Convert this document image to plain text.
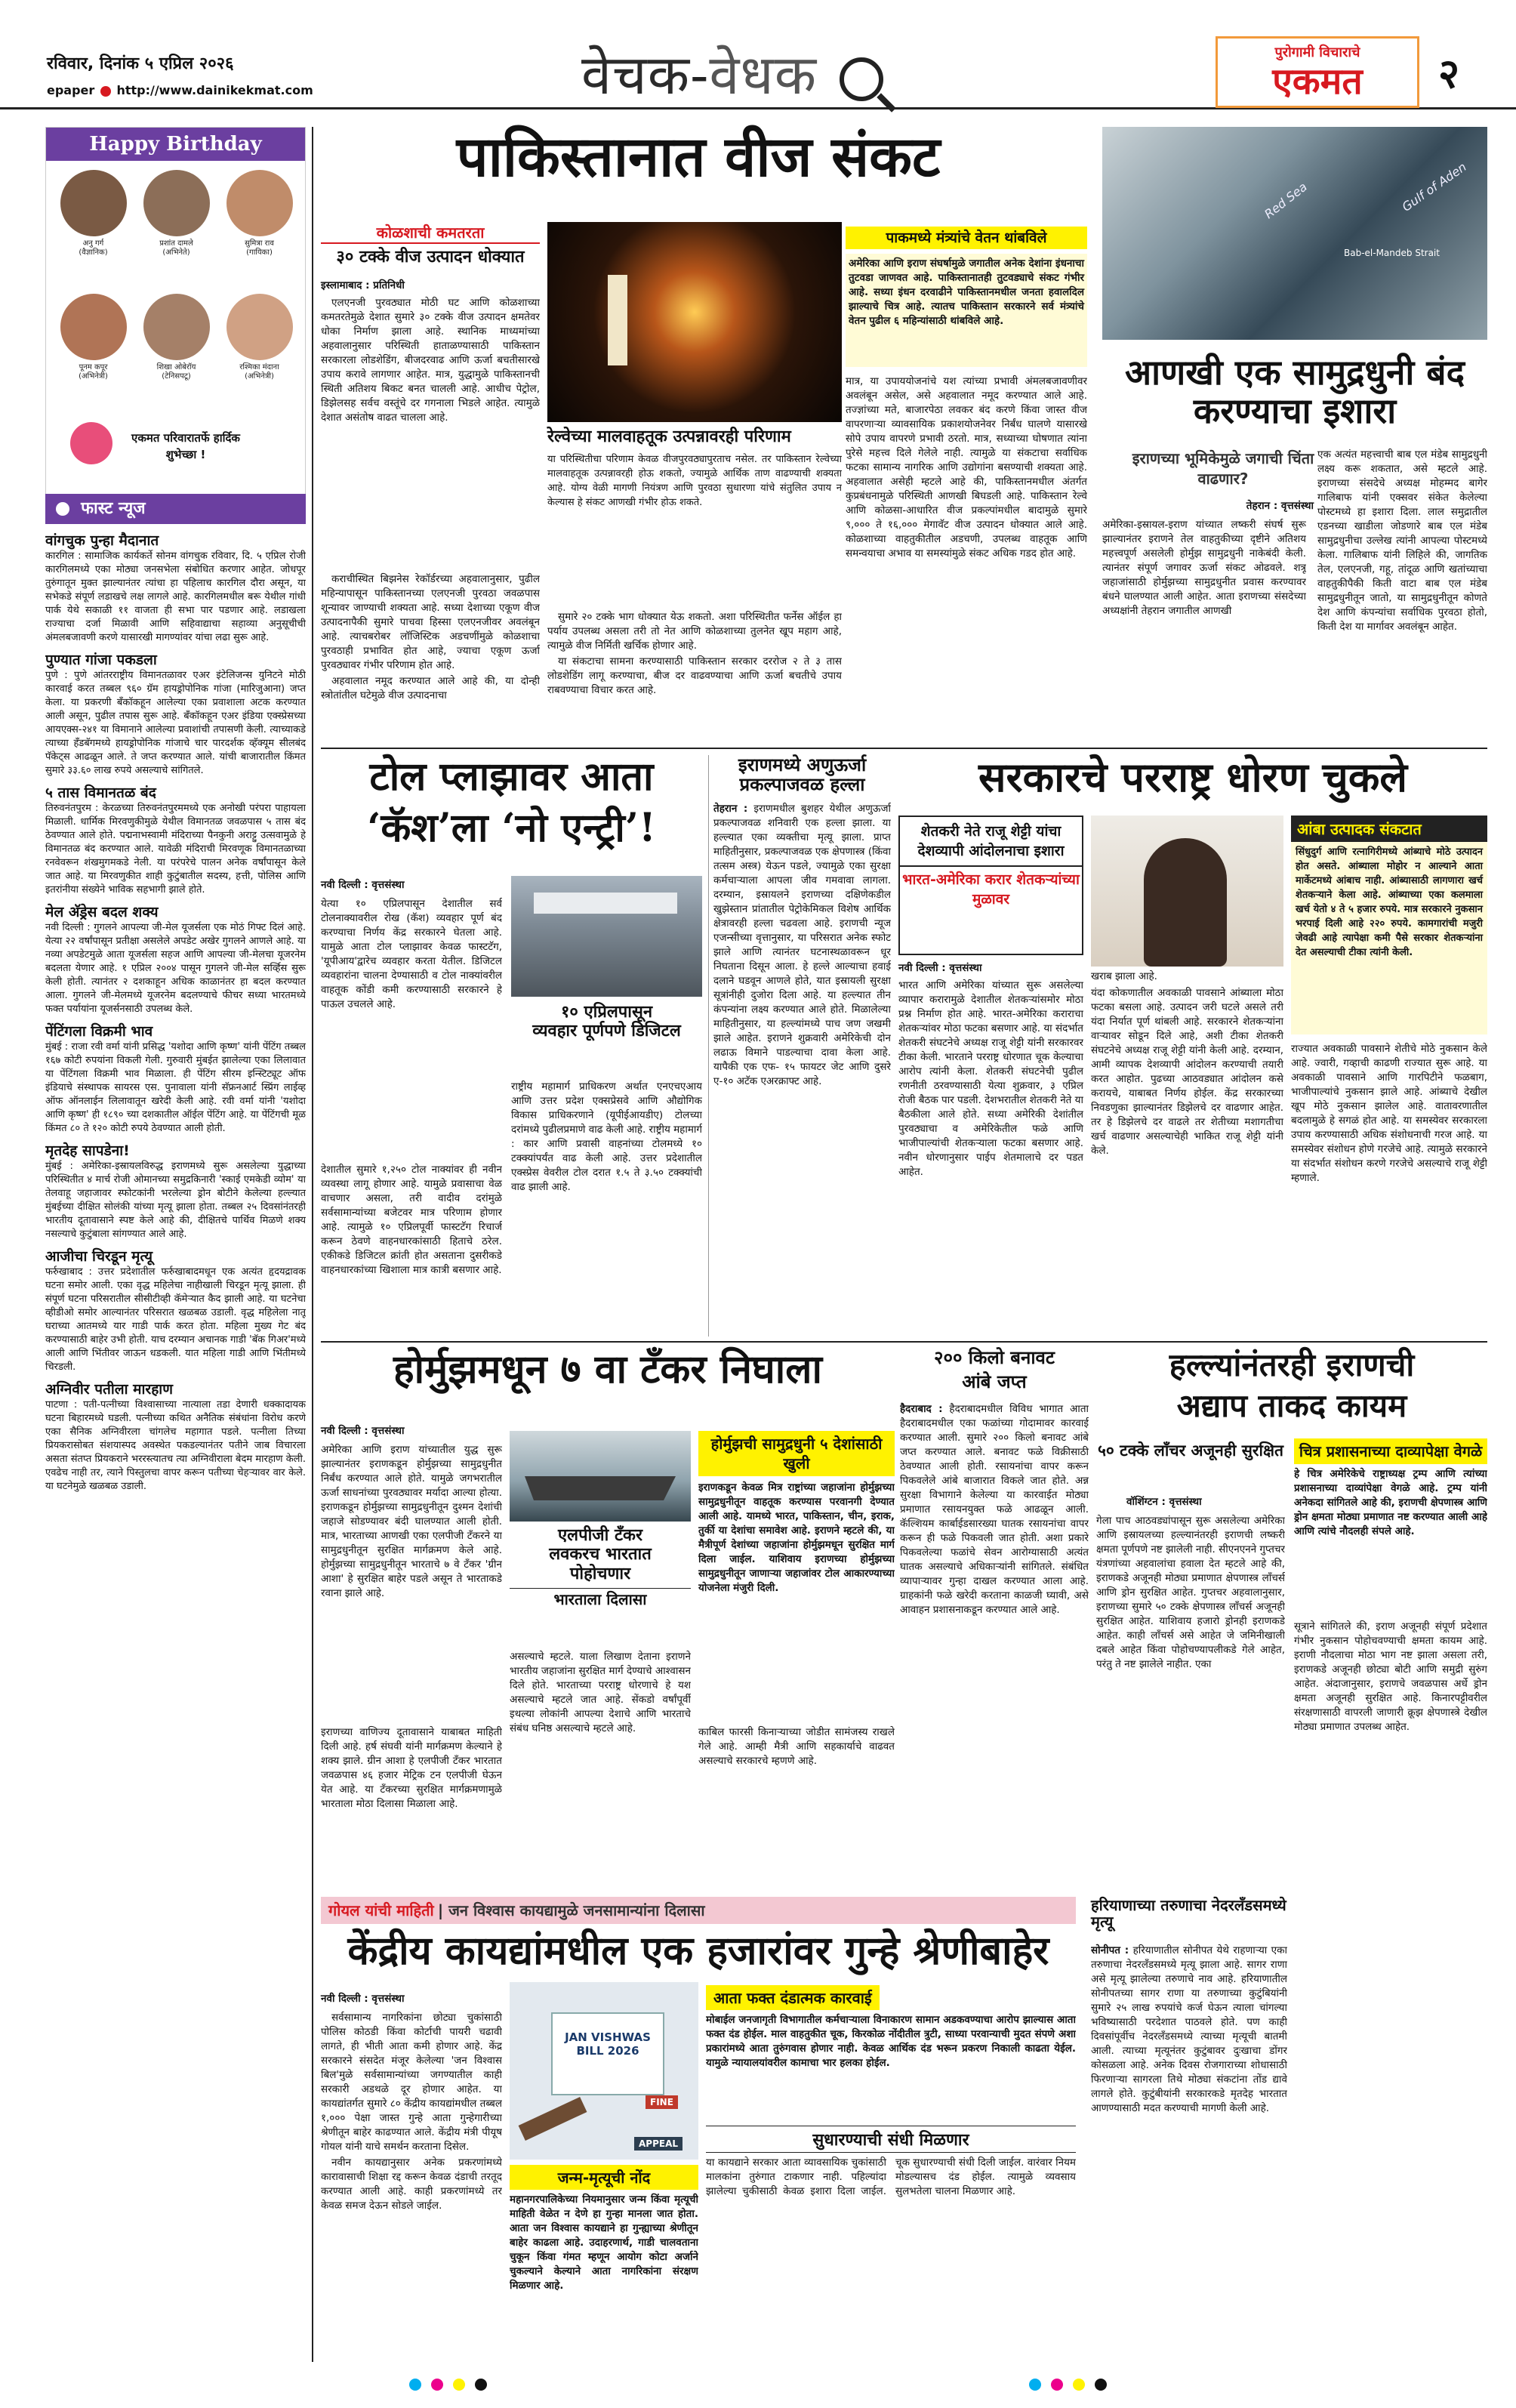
रविवार, दिनांक ५ एप्रिल २०२६
epaper http://www.dainikekmat.com	वेचक-वेधक	पुरोगामी विचाराचे
एकमत	२
Happy Birthday
अनु गर्ग
(वैज्ञानिक)
प्रशांत दामले
(अभिनेते)
सुमित्रा राव
(गायिका)
पूनम कपूर
(अभिनेत्री)
शिखा ओबेरॉय
(टेनिसपटू)
रश्मिका मंदाना
(अभिनेत्री)
एकमत परिवारातर्फे हार्दिक शुभेच्छा !
फास्ट न्यूज

वांगचुक पुन्हा मैदानात

कारगिल : सामाजिक कार्यकर्ते सोनम वांगचुक रविवार, दि. ५ एप्रिल रोजी कारगिलमध्ये एका मोठ्या जनसभेला संबोधित करणार आहेत. जोधपूर तुरुंगातून मुक्त झाल्यानंतर त्यांचा हा पहिलाच कारगिल दौरा असून, या सभेकडे संपूर्ण लडाखचे लक्ष लागले आहे. कारगिलमधील बरू येथील गांधी पार्क येथे सकाळी ११ वाजता ही सभा पार पडणार आहे. लडाखला राज्याचा दर्जा मिळावी आणि सहिवाद्याचा सहाव्या अनुसूचीची अंमलबजावणी करणे यासारखी मागण्यांवर यांचा लढा सुरू आहे.

पुण्यात गांजा पकडला

पुणे : पुणे आंतरराष्ट्रीय विमानतळावर एअर इंटेलिजन्स युनिटने मोठी कारवाई करत तब्बल ९६० ग्रॅम हायड्रोपोनिक गांजा (मारिजुआना) जप्त केला. या प्रकरणी बँकॉकहून आलेल्या एका प्रवाशाला अटक करण्यात आली असून, पुढील तपास सुरू आहे. बँकॉकहून एअर इंडिया एक्स्प्रेसच्या आयएक्स-२४१ या विमानाने आलेल्या प्रवाशांची तपासणी केली. त्याच्याकडे त्याच्या हँडबॅगमध्ये हायड्रोपोनिक गांजाचे चार पारदर्शक व्हॅक्यूम सीलबंद पॅकेट्स आढळून आले. ते जप्त करण्यात आले. यांची बाजारातील किंमत सुमारे ३३.६० लाख रुपये असल्याचे सांगितले.

५ तास विमानतळ बंद

तिरुवनंतपुरम : केरळच्या तिरुवनंतपुरममध्ये एक अनोखी परंपरा पाहायला मिळाली. धार्मिक मिरवणुकीमुळे येथील विमानतळ जवळपास ५ तास बंद ठेवण्यात आले होते. पद्मनाभस्वामी मंदिराच्या पैनकुनी अराट्टु उत्सवामुळे हे विमानतळ बंद करण्यात आले. यावेळी मंदिराची मिरवणूक विमानतळाच्या रनवेवरून शंखमुगमकडे नेली. या परंपरेचे पालन अनेक वर्षांपासून केले जात आहे. या मिरवणुकीत शाही कुटुंबातील सदस्य, हत्ती, पोलिस आणि इतरांनीया संख्येने भाविक सहभागी झाले होते.

मेल अ‍ॅड्रेस बदल शक्य

नवी दिल्ली : गुगलने आपल्या जी-मेल यूजर्सला एक मोठं गिफ्ट दिलं आहे. येत्या २२ वर्षांपासून प्रतीक्षा असलेले अपडेट अखेर गुगलने आणले आहे. या नव्या अपडेटमुळे आता यूजर्सला सहज आणि आपल्या जी-मेलचा यूजरनेम बदलता येणार आहे. १ एप्रिल २००४ पासून गुगलने जी-मेल सर्व्हिस सुरू केली होती. त्यानंतर २ दशकाहून अधिक काळानंतर हा बदल करण्यात आला. गुगलने जी-मेलमध्ये यूजरनेम बदलण्याचे फीचर सध्या भारतमध्ये फक्त पर्यायांना यूजर्सनसाठी उपलब्ध केले.

पेंटिंगला विक्रमी भाव

मुंबई : राजा रवी वर्मा यांनी प्रसिद्ध 'यशोदा आणि कृष्ण' यांनी पेंटिंग तब्बल १६७ कोटी रुपयांना विकली गेली. गुरुवारी मुंबईत झालेल्या एका लिलावात या पेंटिंगला विक्रमी भाव मिळाला. ही पेंटिंग सीरम इन्स्टिट्यूट ऑफ इंडियाचे संस्थापक सायरस एस. पुनावाला यांनी सॅफ्रनआर्ट स्प्रिंग लाईव्ह ऑफ ऑनलाईन लिलावातून खरेदी केली आहे. रवी वर्मा यांनी 'यशोदा आणि कृष्ण' ही १८९० च्या दशकातील ऑईल पेंटिंग आहे. या पेंटिंगची मूळ किंमत ८० ते १२० कोटी रुपये ठेवण्यात आली होती.

मृतदेह सापडेना!

मुंबई : अमेरिका-इस्रायलविरुद्ध इराणमध्ये सुरू असलेल्या युद्धाच्या परिस्थितीत ४ मार्च रोजी ओमानच्या समुद्रकिनारी 'स्काई एमकेडी व्योम' या तेलवाहू जहाजावर स्फोटकांनी भरलेल्या ड्रोन बोटीने केलेल्या हल्ल्यात मुंबईच्या दीक्षित सोलंकी यांच्या मृत्यू झाला होता. तब्बल २५ दिवसांनंतरही भारतीय दूतावासाने स्पष्ट केले आहे की, दीक्षितचे पार्थिव मिळणे शक्य नसल्याचे कुटुंबाला सांगण्यात आले आहे.

आजीचा चिरडून मृत्यू

फर्रुखाबाद : उत्तर प्रदेशातील फर्रुखाबादमधून एक अत्यंत हृदयद्रावक घटना समोर आली. एका वृद्ध महिलेचा नाहीखाली चिरडून मृत्यू झाला. ही संपूर्ण घटना परिसरातील सीसीटीव्ही कॅमेऱ्यात कैद झाली आहे. या घटनेचा व्हीडीओ समोर आल्यानंतर परिसरात खळबळ उडाली. वृद्ध महिलेला नातू घराच्या आतमध्ये यार गाडी पार्क करत होता. महिला मुख्य गेट बंद करण्यासाठी बाहेर उभी होती. याच दरम्यान अचानक गाडी 'बॅक गिअर'मध्ये आली आणि भिंतीवर जाऊन धडकली. यात महिला गाडी आणि भिंतीमध्ये चिरडली.

अग्निवीर पतीला मारहाण

पाटणा : पती-पत्नीच्या विश्वासाच्या नात्याला तडा देणारी धक्कादायक घटना बिहारमध्ये घडली. पत्नीच्या कथित अनैतिक संबंधांना विरोध करणे एका सैनिक अग्निवीरला चांगलेच महागात पडले. पत्नीला तिच्या प्रियकरासोबत संशयास्पद अवस्थेत पकडल्यानंतर पतीने जाब विचारला असता संतप्त प्रियकराने भररस्त्यातच त्या अग्निवीराला बेदम मारहाण केली. एवढेच नाही तर, त्याने पिस्तुलचा वापर करून पतीच्या चेहऱ्यावर वार केले. या घटनेमुळे खळबळ उडाली.

पाकिस्तानात वीज संकट
कोळशाची कमतरता
३० टक्के वीज उत्पादन धोक्यात
इस्लामाबाद : प्रतिनिधी

एलएनजी पुरवठ्यात मोठी घट आणि कोळशाच्या कमतरतेमुळे देशात सुमारे ३० टक्के वीज उत्पादन क्षमतेवर धोका निर्माण झाला आहे. स्थानिक माध्यमांच्या अहवालानुसार परिस्थिती हाताळण्यासाठी पाकिस्तान सरकारला लोडशेडिंग, बीजदरवाढ आणि ऊर्जा बचतीसारखे उपाय करावे लागणार आहेत. मात्र, युद्धामुळे पाकिस्तानची स्थिती अतिशय बिकट बनत चालली आहे. आधीच पेट्रोल, डिझेलसह सर्वच वस्तूंचे दर गगनाला भिडले आहेत. त्यामुळे देशात असंतोष वाढत चालला आहे.

रेल्वेच्या मालवाहतूक उत्पन्नावरही परिणाम
या परिस्थितीचा परिणाम केवळ वीजपुरवठ्यापुरताच नसेल. तर पाकिस्तान रेल्वेच्या मालवाहतूक उत्पन्नावरही होऊ शकतो, ज्यामुळे आर्थिक ताण वाढण्याची शक्यता आहे. योग्य वेळी मागणी नियंत्रण आणि पुरवठा सुधारणा यांचे संतुलित उपाय न केल्यास हे संकट आणखी गंभीर होऊ शकते.

कराचीस्थित बिझनेस रेकॉर्डरच्या अहवालानुसार, पुढील महिन्यापासून पाकिस्तानच्या एलएनजी पुरवठा जवळपास शून्यावर जाण्याची शक्यता आहे. सध्या देशाच्या एकूण वीज उत्पादनापैकी सुमारे पाचवा हिस्सा एलएनजीवर अवलंबून आहे. त्याचबरोबर लॉजिस्टिक अडचणींमुळे कोळशाचा पुरवठाही प्रभावित होत आहे, ज्याचा एकूण ऊर्जा पुरवठ्यावर गंभीर परिणाम होत आहे.

अहवालात नमूद करण्यात आले आहे की, या दोन्ही स्त्रोतांतील घटेमुळे वीज उत्पादनाचा

सुमारे २० टक्के भाग धोक्यात येऊ शकतो. अशा परिस्थितीत फर्नेस ऑईल हा पर्याय उपलब्ध असला तरी तो नेत आणि कोळशाच्या तुलनेत खूप महाग आहे, त्यामुळे वीज निर्मिती खर्चिक होणार आहे.

या संकटाचा सामना करण्यासाठी पाकिस्तान सरकार दररोज २ ते ३ तास लोडशेडिंग लागू करण्याचा, बीज दर वाढवण्याचा आणि ऊर्जा बचतीचे उपाय राबवण्याचा विचार करत आहे.

पाकमध्ये मंत्र्यांचे वेतन थांबविले
अमेरिका आणि इराण संघर्षामुळे जगातील अनेक देशांना इंधनाचा तुटवडा जाणवत आहे. पाकिस्तानातही तुटवड्याचे संकट गंभीर आहे. सध्या इंधन दरवाढीने पाकिस्तानमधील जनता हवालदिल झाल्याचे चित्र आहे. त्यातच पाकिस्तान सरकारने सर्व मंत्र्यांचे वेतन पुढील ६ महिन्यांसाठी थांबविले आहे.
मात्र, या उपाययोजनांचे यश त्यांच्या प्रभावी अंमलबजावणीवर अवलंबून असेल, असे अहवालात नमूद करण्यात आले आहे. तज्ज्ञांच्या मते, बाजारपेठा लवकर बंद करणे किंवा जास्त वीज वापरणाऱ्या व्यावसायिक प्रकाशयोजनेवर निर्बंध घालणे यासारखे सोपे उपाय वापरणे प्रभावी ठरतो. मात्र, सध्याच्या घोषणात त्यांना पुरेसे महत्त्व दिले गेलेले नाही. त्यामुळे या संकटाचा सर्वाधिक फटका सामान्य नागरिक आणि उद्योगांना बसण्याची शक्यता आहे. अहवालात असेही म्हटले आहे की, पाकिस्तानमधील अंतर्गत कुप्रबंधनामुळे परिस्थिती आणखी बिघडली आहे. पाकिस्तान रेल्वे आणि कोळसा-आधारित वीज प्रकल्पांमधील बादामुळे सुमारे ९,००० ते १६,००० मेगावॅट वीज उत्पादन धोक्यात आले आहे. कोळशाच्या वाहतुकीतील अडचणी, उपलब्ध वाहतूक आणि समन्वयाचा अभाव या समस्यांमुळे संकट अधिक गडद होत आहे.
Red Sea	Gulf of Aden
Bab-el-Mandeb Strait
आणखी एक सामुद्रधुनी बंद करण्याचा इशारा
इराणच्या भूमिकेमुळे जगाची चिंता वाढणार?
तेहरान : वृत्तसंस्था
अमेरिका-इस्रायल-इराण यांच्यात लष्करी संघर्ष सुरू झाल्यानंतर इराणने तेल वाहतुकीच्या दृष्टीने अतिशय महत्त्वपूर्ण असलेली होर्मुझ सामुद्रधुनी नाकेबंदी केली. त्यानंतर संपूर्ण जगावर ऊर्जा संकट ओढवले. शत्रू जहाजांसाठी होर्मुझच्या सामुद्रधुनीत प्रवास करण्यावर बंधने घालण्यात आली आहेत. आता इराणच्या संसदेच्या अध्यक्षांनी तेहरान जगातील आणखी
एक अत्यंत महत्त्वाची बाब एल मंडेब सामुद्रधुनी लक्ष्य करू शकतात, असे म्हटले आहे. इराणच्या संसदेचे अध्यक्ष मोहम्मद बागेर गालिबाफ यांनी एक्सवर संकेत केलेल्या पोस्टमध्ये हा इशारा दिला. लाल समुद्रातील एडनच्या खाडीला जोडणारे बाब एल मंडेब सामुद्रधुनीचा उल्लेख त्यांनी आपल्या पोस्टमध्ये केला. गालिबाफ यांनी लिहिले की, जागतिक तेल, एलएनजी, गहू, तांदूळ आणि खतांच्याचा वाहतुकीपैकी किती वाटा बाब एल मंडेब सामुद्रधुनीतून जातो, या सामुद्रधुनीतून कोणते देश आणि कंपन्यांचा सर्वाधिक पुरवठा होतो, किती देश या मार्गावर अवलंबून आहेत.
टोल प्लाझावर आता
‘कॅश’ला ‘नो एन्ट्री’!
नवी दिल्ली : वृत्तसंस्था
येत्या १० एप्रिलपासून देशातील सर्व टोलनाक्यावरील रोख (कॅश) व्यवहार पूर्ण बंद करण्याचा निर्णय केंद्र सरकारने घेतला आहे. यामुळे आता टोल प्लाझावर केवळ फास्टटॅग, 'यूपीआय'द्वारेच व्यवहार करता येतील. डिजिटल व्यवहारांना चालना देण्यासाठी व टोल नाक्यांवरील वाहतूक कोंडी कमी करण्यासाठी सरकारने हे पाऊल उचलले आहे.	१० एप्रिलपासून
व्यवहार पूर्णपणे डिजिटल
देशातील सुमारे १,२५० टोल नाक्यांवर ही नवीन व्यवस्था लागू होणार आहे. यामुळे प्रवासाचा वेळ वाचणार असला, तरी वादीव दरांमुळे सर्वसामान्यांच्या बजेटवर मात्र परिणाम होणार आहे. त्यामुळे १० एप्रिलपूर्वी फास्टटॅग रिचार्ज करून ठेवणे वाहनधारकांसाठी हिताचे ठरेल. एकीकडे डिजिटल क्रांती होत असताना दुसरीकडे वाहनधारकांच्या खिशाला मात्र कात्री बसणार आहे.
राष्ट्रीय महामार्ग प्राधिकरण अर्थात एनएचएआय आणि उत्तर प्रदेश एक्सप्रेसवे आणि औद्योगिक विकास प्राधिकरणाने (यूपीईआयडीए) टोलच्या दरांमध्ये पुढीलप्रमाणे वाढ केली आहे. राष्ट्रीय महामार्ग : कार आणि प्रवासी वाहनांच्या टोलमध्ये १० टक्क्यांपर्यंत वाढ केली आहे. उत्तर प्रदेशातील एक्स्प्रेस वेवरील टोल दरात १.५ ते ३.५० टक्क्यांची वाढ झाली आहे.
इराणमध्ये अणुऊर्जा प्रकल्पाजवळ हल्ला
तेहरान : इराणमधील बुशहर येथील अणुऊर्जा प्रकल्पाजवळ शनिवारी एक हल्ला झाला. या हल्ल्यात एका व्यक्तीचा मृत्यू झाला. प्राप्त माहितीनुसार, प्रकल्पाजवळ एक क्षेपणास्त्र (किंवा तत्सम अस्त्र) येऊन पडले, ज्यामुळे एका सुरक्षा कर्मचाऱ्याला आपला जीव गमवावा लागला. दरम्यान, इस्रायलने इराणच्या दक्षिणेकडील खुझेस्तान प्रांतातील पेट्रोकेमिकल विशेष आर्थिक क्षेत्रावरही हल्ला चढवला आहे. इराणची न्यूज एजन्सीच्या वृत्तानुसार, या परिसरात अनेक स्फोट झाले आणि त्यानंतर घटनास्थळावरून धूर निघताना दिसून आला. हे हल्ले आल्याचा हवाई दलाने घडवून आणले होते, यात इस्रायली सुरक्षा सूत्रांनीही दुजोरा दिला आहे. या हल्ल्यात तीन कंपन्यांना लक्ष्य करण्यात आले होते. मिळालेल्या माहितीनुसार, या हल्ल्यांमध्ये पाच जण जखमी झाले आहेत. इराणने शुक्रवारी अमेरिकेची दोन लढाऊ विमाने पाडल्याचा दावा केला आहे. यापैकी एक एफ- १५ फायटर जेट आणि दुसरे ए-१० अटॅक एअरक्राफ्ट आहे.
सरकारचे परराष्ट्र धोरण चुकले
शेतकरी नेते राजू शेट्टी यांचा देशव्यापी आंदोलनाचा इशारा
भारत-अमेरिका करार शेतकऱ्यांच्या मुळावर
नवी दिल्ली : वृत्तसंस्था
भारत आणि अमेरिका यांच्यात सुरू असलेल्या व्यापार करारामुळे देशातील शेतकऱ्यांसमोर मोठा प्रश्न निर्माण होत आहे. भारत-अमेरिका कराराचा शेतकऱ्यांवर मोठा फटका बसणार आहे. या संदर्भात शेतकरी संघटनेचे अध्यक्ष राजू शेट्टी यांनी सरकारवर टीका केली. भारताने परराष्ट्र धोरणात चूक केल्याचा आरोप त्यांनी केला. शेतकरी संघटनेची पुढील रणनीती ठरवण्यासाठी येत्या शुक्रवार, ३ एप्रिल रोजी बैठक पार पडली. देशभरातील शेतकरी नेते या बैठकीला आले होते. सध्या अमेरिकी देशांतील पुरवठ्याचा व अमेरिकेतील फळे आणि भाजीपाल्यांची शेतकऱ्याला फटका बसणार आहे. नवीन धोरणानुसार पाईप शेतमालाचे दर पडत आहेत.
खराब झाला आहे.
यंदा कोकणातील अवकाळी पावसाने आंब्याला मोठा फटका बसला आहे. उत्पादन जरी घटले असले तरी यंदा निर्यात पूर्ण थांबली आहे. सरकारने शेतकऱ्यांना वाऱ्यावर सोडून दिले आहे, अशी टीका शेतकरी संघटनेचे अध्यक्ष राजू शेट्टी यांनी केली आहे. दरम्यान, आमी व्यापक देशव्यापी आंदोलन करण्याची तयारी करत आहोत. पुढच्या आठवड्यात आंदोलन कसे करायचे, याबाबत निर्णय होईल. केंद्र सरकारच्या निवडणुका झाल्यानंतर डिझेलचे दर वाढणार आहेत. तर हे डिझेलचे दर वाढले तर शेतीच्या मशागतीचा खर्च वाढणार असल्याचेही भाकित राजू शेट्टी यांनी केले.
आंबा उत्पादक संकटात
सिंधुदुर्ग आणि रत्नागिरीमध्ये आंब्याचे मोठे उत्पादन होत असते. आंब्याला मोहोर न आल्याने आता मार्केटमध्ये आंबाच नाही. आंब्यासाठी लागणारा खर्च शेतकऱ्याने केला आहे. आंब्याच्या एका कलमाला खर्च येतो ४ ते ५ हजार रुपये. मात्र सरकारने नुकसान भरपाई दिली आहे २२० रुपये. कामगारांची मजुरी जेवढी आहे त्यापेक्षा कमी पैसे सरकार शेतकऱ्यांना देत असल्याची टीका त्यांनी केली.
राज्यात अवकाळी पावसाने शेतीचे मोठे नुकसान केले आहे. ज्वारी, गव्हाची काढणी राज्यात सुरू आहे. या अवकाळी पावसाने आणि गारपिटीने फळबाग, भाजीपाल्यांचे नुकसान झाले आहे. आंब्याचे देखील खूप मोठे नुकसान झालेल आहे. वातावरणातील बदलामुळे हे सगळं होत आहे. या समस्येवर सरकारला उपाय करण्यासाठी अधिक संशोधनाची गरज आहे. या समस्येवर संशोधन होणे गरजेचे आहे. त्यामुळे सरकारने या संदर्भात संशोधन करणे गरजेचे असल्याचे राजू शेट्टी म्हणाले.
होर्मुझमधून ७ वा टँकर निघाला
नवी दिल्ली : वृत्तसंस्था
अमेरिका आणि इराण यांच्यातील युद्ध सुरू झाल्यानंतर इराणकडून होर्मुझच्या सामुद्रधुनीत निर्बंध करण्यात आले होते. यामुळे जगभरातील ऊर्जा साधनांच्या पुरवठ्यावर मर्यादा आल्या होत्या. इराणकडून होर्मुझच्या सामुद्रधुनीतून दुश्मन देशांची जहाजे सोडण्यावर बंदी घालण्यात आली होती. मात्र, भारताच्या आणखी एका एलपीजी टँकरने या सामुद्रधुनीतून सुरक्षित मार्गक्रमण केले आहे. होर्मुझच्या सामुद्रधुनीतून भारताचे ७ वे टँकर 'ग्रीन आशा' हे सुरक्षित बाहेर पडले असून ते भारताकडे रवाना झाले आहे.
इराणच्या वाणिज्य दूतावासाने याबाबत माहिती दिली आहे. हर्ष संघवी यांनी मार्गक्रमण केल्याने हे शक्य झाले. ग्रीन आशा हे एलपीजी टँकर भारतात जवळपास ४६ हजार मेट्रिक टन एलपीजी घेऊन येत आहे. या टँकरच्या सुरक्षित मार्गक्रमणामुळे भारताला मोठा दिलासा मिळाला आहे.
एलपीजी टँकर
लवकरच भारतात
पोहोचणार
भारताला दिलासा
असल्याचे म्हटले. याला लिखाण देताना इराणने भारतीय जहाजांना सुरक्षित मार्ग देण्याचे आश्वासन दिले होते. भारताच्या परराष्ट्र धोरणाचे हे यश असल्याचे म्हटले जात आहे. सेंकडो वर्षांपूर्वी इथल्या लोकांनी आपल्या देशाचे आणि भारताचे संबंध घनिष्ठ असल्याचे म्हटले आहे.
होर्मुझची सामुद्रधुनी ५ देशांसाठी खुली
इराणकडून केवळ मित्र राष्ट्रांच्या जहाजांना होर्मुझच्या सामुद्रधुनीतून वाहतूक करण्यास परवानगी देण्यात आली आहे. यामध्ये भारत, पाकिस्तान, चीन, इराक, तुर्की या देशांचा समावेश आहे. इराणने म्हटले की, या मैत्रीपूर्ण देशांच्या जहाजांना होर्मुझमधून सुरक्षित मार्ग दिला जाईल. याशिवाय इराणच्या होर्मुझच्या सामुद्रधुनीतून जाणाऱ्या जहाजांवर टोल आकारण्याच्या योजनेला मंजुरी दिली.
काबिल फारसी किनाऱ्याच्या जोडीत सामंजस्य राखले गेले आहे. आम्ही मैत्री आणि सहकार्याचे वाढवत असल्याचे सरकारचे म्हणणे आहे.
२०० किलो बनावट
आंबे जप्त
हैदराबाद : हैदराबादमधील विविध भागात आता हैदराबादमधील एका फळांच्या गोदामावर कारवाई करण्यात आली. सुमारे २०० किलो बनावट आंबे जप्त करण्यात आले. बनावट फळे विक्रीसाठी ठेवण्यात आली होती. रसायनांचा वापर करून पिकवलेले आंबे बाजारात विकले जात होते. अन्न सुरक्षा विभागाने केलेल्या या कारवाईत मोठ्या प्रमाणात रसायनयुक्त फळे आढळून आली. कॅल्शियम कार्बाईडसारख्या घातक रसायनांचा वापर करून ही फळे पिकवली जात होती. अशा प्रकारे पिकवलेल्या फळांचे सेवन आरोग्यासाठी अत्यंत घातक असल्याचे अधिकाऱ्यांनी सांगितले. संबंधित व्यापाऱ्यावर गुन्हा दाखल करण्यात आला आहे. ग्राहकांनी फळे खरेदी करताना काळजी घ्यावी, असे आवाहन प्रशासनाकडून करण्यात आले आहे.
हल्ल्यांनंतरही इराणची
अद्याप ताकद कायम
५० टक्के लाँचर अजूनही सुरक्षित
वॉशिंग्टन : वृत्तसंस्था
गेला पाच आठवड्यांपासून सुरू असलेल्या अमेरिका आणि इस्रायलच्या हल्ल्यानंतरही इराणची लष्करी क्षमता पूर्णपणे नष्ट झालेली नाही. सीएनएनने गुप्तचर यंत्रणांच्या अहवालांचा हवाला देत म्हटले आहे की, इराणकडे अजूनही मोठ्या प्रमाणात क्षेपणास्त्र लाँचर्स आणि ड्रोन सुरक्षित आहेत. गुप्तचर अहवालानुसार, इराणच्या सुमारे ५० टक्के क्षेपणास्त्र लाँचर्स अजूनही सुरक्षित आहेत. याशिवाय हजारो ड्रोनही इराणकडे आहेत. काही लाँचर्स असे आहेत जे जमिनीखाली दबले आहेत किंवा पोहोचण्यापलीकडे गेले आहेत, परंतु ते नष्ट झालेले नाहीत. एका
चित्र प्रशासनाच्या दाव्यापेक्षा वेगळे
हे चित्र अमेरिकेचे राष्ट्राध्यक्ष ट्रम्प आणि त्यांच्या प्रशासनाच्या दाव्यांपेक्षा वेगळे आहे. ट्रम्प यांनी अनेकदा सांगितले आहे की, इराणची क्षेपणास्त्र आणि ड्रोन क्षमता मोठ्या प्रमाणात नष्ट करण्यात आली आहे आणि त्यांचे नौदलही संपले आहे.
सूत्राने सांगितले की, इराण अजूनही संपूर्ण प्रदेशात गंभीर नुकसान पोहोचवण्याची क्षमता कायम आहे. इराणी नौदलाचा मोठा भाग नष्ट झाला असला तरी, इराणकडे अजूनही छोट्या बोटी आणि समुद्री सुरुंग आहेत. अंदाजानुसार, इराणचे जवळपास अर्धे ड्रोन क्षमता अजूनही सुरक्षित आहे. किनारपट्टीवरील संरक्षणासाठी वापरली जाणारी क्रूझ क्षेपणास्त्रे देखील मोठ्या प्रमाणात उपलब्ध आहेत.
गोयल यांची माहिती | जन विश्वास कायद्यामुळे जनसामान्यांना दिलासा
केंद्रीय कायद्यांमधील एक हजारांवर गुन्हे श्रेणीबाहेर
नवी दिल्ली : वृत्तसंस्था

सर्वसामान्य नागरिकांना छोट्या चुकांसाठी पोलिस कोठडी किंवा कोर्टाची पायरी चढावी लागते, ही भीती आता कमी होणार आहे. केंद्र सरकारने संसदेत मंजूर केलेल्या 'जन विश्वास बिल'मुळे सर्वसामान्यांच्या जगण्यातील काही सरकारी अडथळे दूर होणार आहेत. या कायद्यांतर्गत सुमारे ८० केंद्रीय कायद्यांमधील तब्बल १,००० पेक्षा जास्त गुन्हे आता गुन्हेगारीच्या श्रेणीतून बाहेर काढण्यात आले. केंद्रीय मंत्री पीयूष गोयल यांनी याचे समर्थन करताना दिसेल.

नवीन कायद्यानुसार अनेक प्रकरणांमध्ये कारावासाची शिक्षा रद्द करून केवळ दंडाची तरतूद करण्यात आली आहे. काही प्रकरणांमध्ये तर केवळ समज देऊन सोडले जाईल.

JAN VISHWAS
BILL 2026
FINE
APPEAL
जन्म-मृत्यूची नोंद
महानगरपालिकेच्या नियमानुसार जन्म किंवा मृत्यूची माहिती वेळेत न देणे हा गुन्हा मानला जात होता. आता जन विश्वास कायद्याने हा गुन्ह्याच्या श्रेणीतून बाहेर काढला आहे. उदाहरणार्थ, गाडी चालवताना चुकून किंवा गंमत म्हणून आयोग कोटा अर्जाने चुकल्याने केल्याने आता नागरिकांना संरक्षण मिळणार आहे.
आता फक्त दंडात्मक कारवाई
मोबाईल जनजागृती विभागातील कर्मचाऱ्याला विनाकारण सामान अडकवण्याचा आरोप झाल्यास आता फक्त दंड होईल. माल वाहतुकीत चूक, किरकोळ नोंदीतील त्रुटी, साध्या परवान्याची मुदत संपणे अशा प्रकारांमध्ये आता तुरुंगवास होणार नाही. केवळ आर्थिक दंड भरून प्रकरण निकाली काढता येईल. यामुळे न्यायालयांवरील कामाचा भार हलका होईल.
सुधारण्याची संधी मिळणार
या कायद्याने सरकार आता व्यावसायिक चुकांसाठी मालकांना तुरुंगात टाकणार नाही. पहिल्यांदा झालेल्या चुकीसाठी केवळ इशारा दिला जाईल. चूक सुधारण्याची संधी दिली जाईल. वारंवार नियम मोडल्यासच दंड होईल. त्यामुळे व्यवसाय सुलभतेला चालना मिळणार आहे.
हरियाणाच्या तरुणाचा नेदरलँडसमध्ये मृत्यू
सोनीपत : हरियाणातील सोनीपत येथे राहणाऱ्या एका तरुणाचा नेदरलँडसमध्ये मृत्यू झाला आहे. सागर राणा असे मृत्यू झालेल्या तरुणाचे नाव आहे. हरियाणातील सोनीपतच्या सागर राणा या तरुणाच्या कुटुंबियांनी सुमारे २५ लाख रुपयांचे कर्ज घेऊन त्याला चांगल्या भविष्यासाठी परदेशात पाठवले होते. पण काही दिवसांपूर्वीच नेदरलँडसमध्ये त्याच्या मृत्यूची बातमी आली. त्याच्या मृत्यूनंतर कुटुंबावर दुःखाचा डोंगर कोसळला आहे. अनेक दिवस रोजगाराच्या शोधासाठी फिरणाऱ्या सागरला तिथे मोठ्या संकटांना तोंड द्यावे लागले होते. कुटुंबीयांनी सरकारकडे मृतदेह भारतात आणण्यासाठी मदत करण्याची मागणी केली आहे.
